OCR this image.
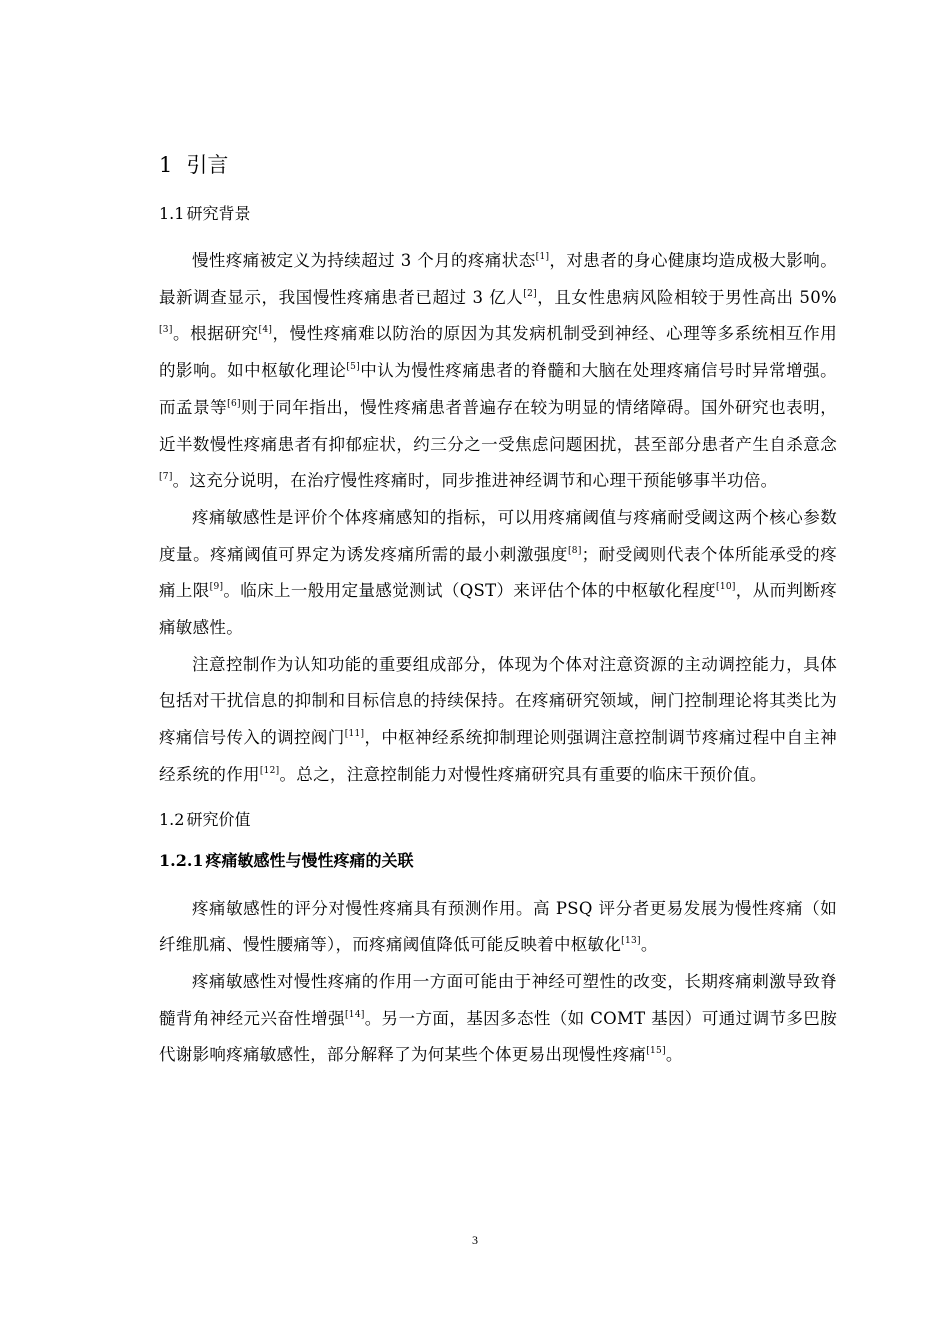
1 引言
1.1 研究背景

慢性疼痛被定义为持续超过 3 个月的疼痛状态[1]，对患者的身心健康均造成极大影响。最新调查显示，我国慢性疼痛患者已超过 3 亿人[2]，且女性患病风险相较于男性高出 50%[3]。根据研究[4]，慢性疼痛难以防治的原因为其发病机制受到神经、心理等多系统相互作用的影响。如中枢敏化理论[5]中认为慢性疼痛患者的脊髓和大脑在处理疼痛信号时异常增强。而孟景等[6]则于同年指出，慢性疼痛患者普遍存在较为明显的情绪障碍。国外研究也表明，近半数慢性疼痛患者有抑郁症状，约三分之一受焦虑问题困扰，甚至部分患者产生自杀意念[7]。这充分说明，在治疗慢性疼痛时，同步推进神经调节和心理干预能够事半功倍。

疼痛敏感性是评价个体疼痛感知的指标，可以用疼痛阈值与疼痛耐受阈这两个核心参数度量。疼痛阈值可界定为诱发疼痛所需的最小刺激强度[8]；耐受阈则代表个体所能承受的疼痛上限[9]。临床上一般用定量感觉测试（QST）来评估个体的中枢敏化程度[10]，从而判断疼痛敏感性。

注意控制作为认知功能的重要组成部分，体现为个体对注意资源的主动调控能力，具体包括对干扰信息的抑制和目标信息的持续保持。在疼痛研究领域，闸门控制理论将其类比为疼痛信号传入的调控阀门[11]，中枢神经系统抑制理论则强调注意控制调节疼痛过程中自主神经系统的作用[12]。总之，注意控制能力对慢性疼痛研究具有重要的临床干预价值。

1.2 研究价值
1.2.1 疼痛敏感性与慢性疼痛的关联

疼痛敏感性的评分对慢性疼痛具有预测作用。高 PSQ 评分者更易发展为慢性疼痛（如纤维肌痛、慢性腰痛等），而疼痛阈值降低可能反映着中枢敏化[13]。

疼痛敏感性对慢性疼痛的作用一方面可能由于神经可塑性的改变，长期疼痛刺激导致脊髓背角神经元兴奋性增强[14]。另一方面，基因多态性（如 COMT 基因）可通过调节多巴胺代谢影响疼痛敏感性，部分解释了为何某些个体更易出现慢性疼痛[15]。

3
